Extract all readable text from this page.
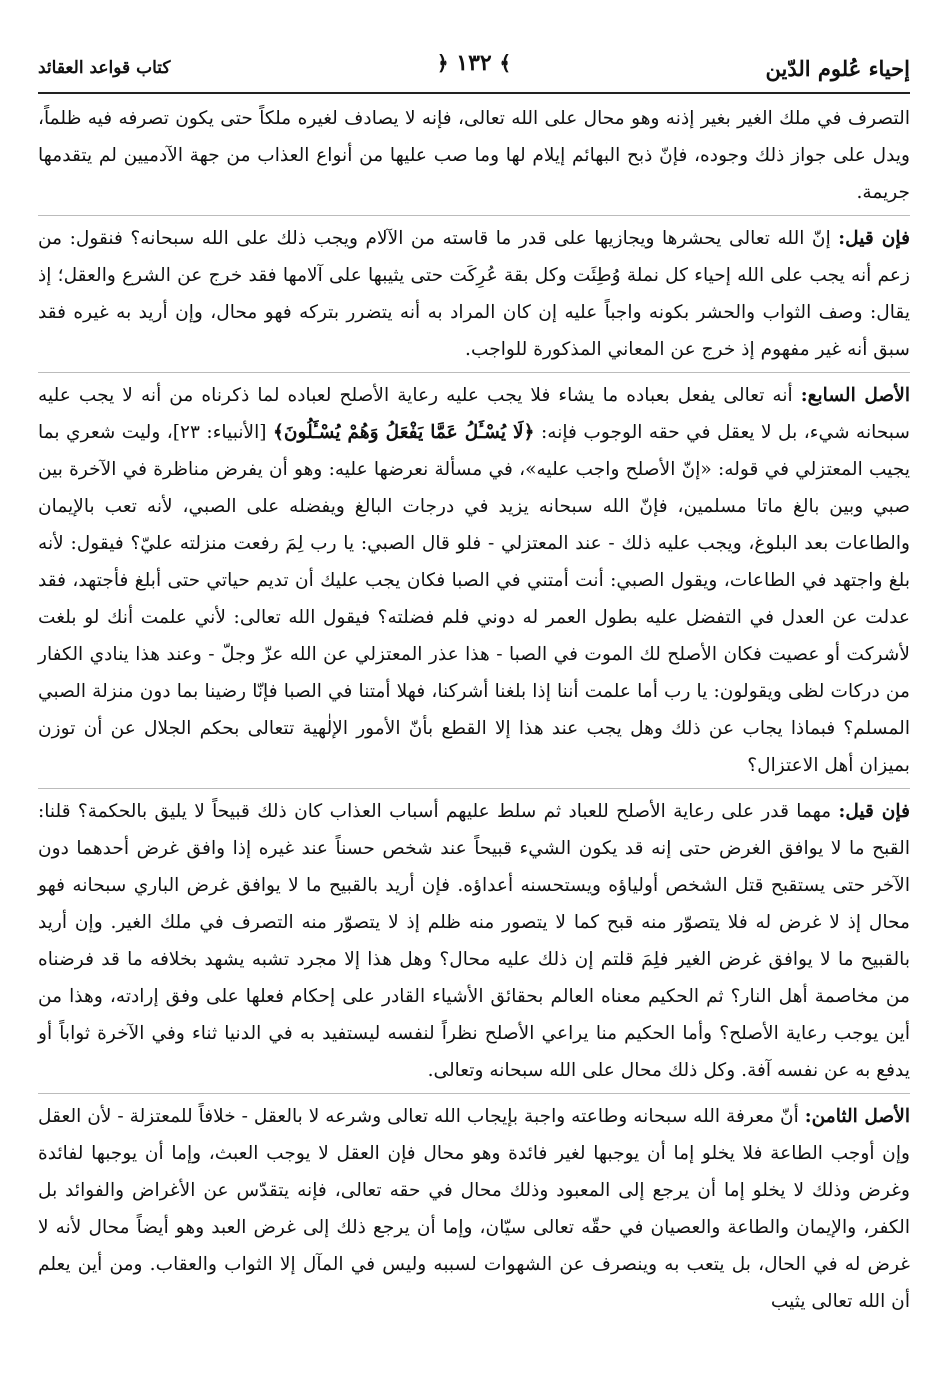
إحياء عُلوم الدّين
﴾ ١٣٢ ﴿
كتاب قواعد العقائد

التصرف في ملك الغير بغير إذنه وهو محال على الله تعالى، فإنه لا يصادف لغيره ملكاً حتى يكون تصرفه فيه ظلماً، ويدل على جواز ذلك وجوده، فإنّ ذبح البهائم إيلام لها وما صب عليها من أنواع العذاب من جهة الآدميين لم يتقدمها جريمة.

فإن قيل: إنّ الله تعالى يحشرها ويجازيها على قدر ما قاسته من الآلام ويجب ذلك على الله سبحانه؟ فنقول: من زعم أنه يجب على الله إحياء كل نملة وُطِئَت وكل بقة عُرِكَت حتى يثيبها على آلامها فقد خرج عن الشرع والعقل؛ إذ يقال: وصف الثواب والحشر بكونه واجباً عليه إن كان المراد به أنه يتضرر بتركه فهو محال، وإن أريد به غيره فقد سبق أنه غير مفهوم إذ خرج عن المعاني المذكورة للواجب.

الأصل السابع: أنه تعالى يفعل بعباده ما يشاء فلا يجب عليه رعاية الأصلح لعباده لما ذكرناه من أنه لا يجب عليه سبحانه شيء، بل لا يعقل في حقه الوجوب فإنه: ﴿لَا يُسْـَٔلُ عَمَّا يَفْعَلُ وَهُمْ يُسْـَٔلُونَ﴾ [الأنبياء: ٢٣]، وليت شعري بما يجيب المعتزلي في قوله: «إنّ الأصلح واجب عليه»، في مسألة نعرضها عليه: وهو أن يفرض مناظرة في الآخرة بين صبي وبين بالغ ماتا مسلمين، فإنّ الله سبحانه يزيد في درجات البالغ ويفضله على الصبي، لأنه تعب بالإيمان والطاعات بعد البلوغ، ويجب عليه ذلك - عند المعتزلي - فلو قال الصبي: يا رب لِمَ رفعت منزلته عليّ؟ فيقول: لأنه بلغ واجتهد في الطاعات، ويقول الصبي: أنت أمتني في الصبا فكان يجب عليك أن تديم حياتي حتى أبلغ فأجتهد، فقد عدلت عن العدل في التفضل عليه بطول العمر له دوني فلم فضلته؟ فيقول الله تعالى: لأني علمت أنك لو بلغت لأشركت أو عصيت فكان الأصلح لك الموت في الصبا - هذا عذر المعتزلي عن الله عزّ وجلّ - وعند هذا ينادي الكفار من دركات لظى ويقولون: يا رب أما علمت أننا إذا بلغنا أشركنا، فهلا أمتنا في الصبا فإنّا رضينا بما دون منزلة الصبي المسلم؟ فبماذا يجاب عن ذلك وهل يجب عند هذا إلا القطع بأنّ الأمور الإلٰهية تتعالى بحكم الجلال عن أن توزن بميزان أهل الاعتزال؟

فإن قيل: مهما قدر على رعاية الأصلح للعباد ثم سلط عليهم أسباب العذاب كان ذلك قبيحاً لا يليق بالحكمة؟ قلنا: القبح ما لا يوافق الغرض حتى إنه قد يكون الشيء قبيحاً عند شخص حسناً عند غيره إذا وافق غرض أحدهما دون الآخر حتى يستقبح قتل الشخص أولياؤه ويستحسنه أعداؤه. فإن أريد بالقبيح ما لا يوافق غرض الباري سبحانه فهو محال إذ لا غرض له فلا يتصوّر منه قبح كما لا يتصور منه ظلم إذ لا يتصوّر منه التصرف في ملك الغير. وإن أريد بالقبيح ما لا يوافق غرض الغير فلِمَ قلتم إن ذلك عليه محال؟ وهل هذا إلا مجرد تشبه يشهد بخلافه ما قد فرضناه من مخاصمة أهل النار؟ ثم الحكيم معناه العالم بحقائق الأشياء القادر على إحكام فعلها على وفق إرادته، وهذا من أين يوجب رعاية الأصلح؟ وأما الحكيم منا يراعي الأصلح نظراً لنفسه ليستفيد به في الدنيا ثناء وفي الآخرة ثواباً أو يدفع به عن نفسه آفة. وكل ذلك محال على الله سبحانه وتعالى.

الأصل الثامن: أنّ معرفة الله سبحانه وطاعته واجبة بإيجاب الله تعالى وشرعه لا بالعقل - خلافاً للمعتزلة - لأن العقل وإن أوجب الطاعة فلا يخلو إما أن يوجبها لغير فائدة وهو محال فإن العقل لا يوجب العبث، وإما أن يوجبها لفائدة وغرض وذلك لا يخلو إما أن يرجع إلى المعبود وذلك محال في حقه تعالى، فإنه يتقدّس عن الأغراض والفوائد بل الكفر، والإيمان والطاعة والعصيان في حقّه تعالى سيّان، وإما أن يرجع ذلك إلى غرض العبد وهو أيضاً محال لأنه لا غرض له في الحال، بل يتعب به وينصرف عن الشهوات لسببه وليس في المآل إلا الثواب والعقاب. ومن أين يعلم أن الله تعالى يثيب
